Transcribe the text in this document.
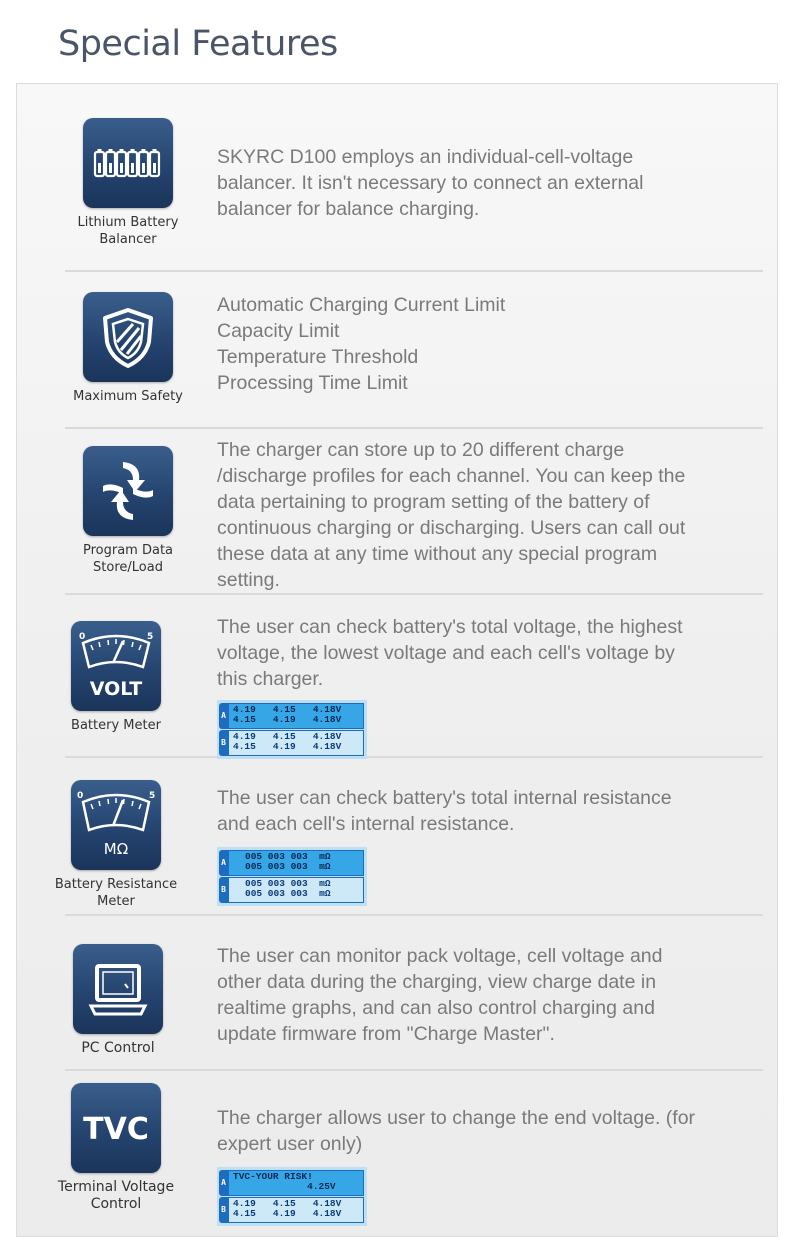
Special Features
Lithium Battery
Balancer
SKYRC D100 employs an individual-cell-voltage
balancer. It isn't necessary to connect an external
balancer for balance charging.
Maximum Safety
Automatic Charging Current Limit
Capacity Limit
Temperature Threshold
Processing Time Limit
Program Data
Store/Load
The charger can store up to 20 different charge
/discharge profiles for each channel. You can keep the
data pertaining to program setting of the battery of
continuous charging or discharging. Users can call out
these data at any time without any special program
setting.
0	5
VOLT
Battery Meter
The user can check battery's total voltage, the highest
voltage, the lowest voltage and each cell's voltage by
this charger.
A
4.19   4.15   4.18V
4.15   4.19   4.18V
B
4.19   4.15   4.18V
4.15   4.19   4.18V
0	5
MΩ
Battery Resistance
Meter
The user can check battery's total internal resistance
and each cell's internal resistance.
A
005 003 003  mΩ
005 003 003  mΩ
B
005 003 003  mΩ
005 003 003  mΩ
PC Control
The user can monitor pack voltage, cell voltage and
other data during the charging, view charge date in
realtime graphs, and can also control charging and
update firmware from "Charge Master".
TVC
Terminal Voltage
Control
The charger allows user to change the end voltage. (for
expert user only)
A
TVC-YOUR RISK!
4.25V
B
4.19   4.15   4.18V
4.15   4.19   4.18V
